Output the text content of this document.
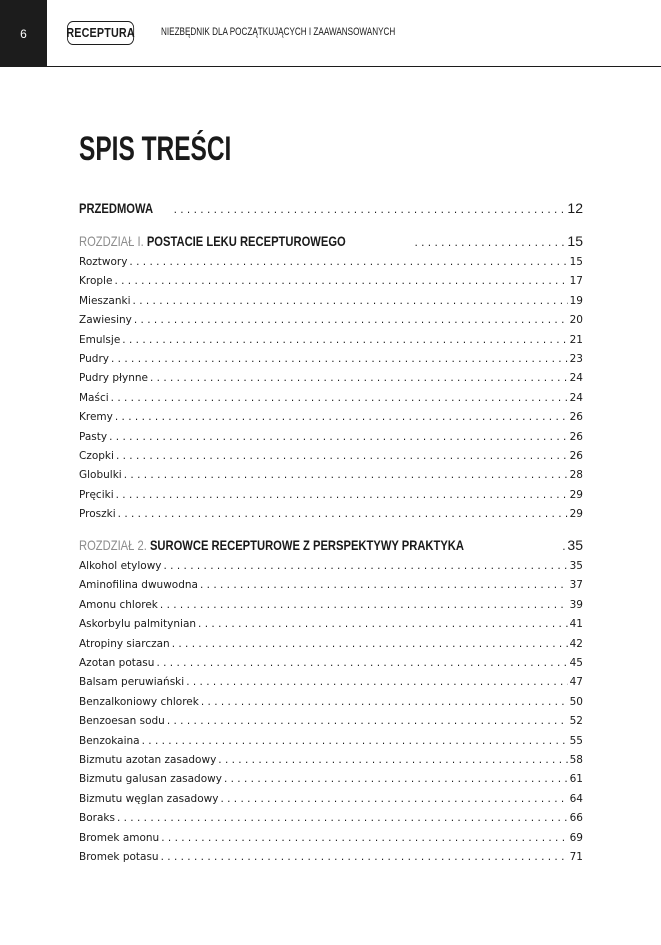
6	RECEPTURA NIEZBĘDNIK DLA POCZĄTKUJĄCYCH I ZAAWANSOWANYCH
SPIS TREŚCI
PRZEDMOWA . . .	12
ROZDZIAŁ I. POSTACIE LEKU RECEPTUROWEGO . . .	15
Roztwory . . .	15
Krople . . .	17
Mieszanki . . .	19
Zawiesiny . . .	20
Emulsje . . .	21
Pudry . . .	23
Pudry płynne . . .	24
Maści . . .	24
Kremy . . .	26
Pasty . . .	26
Czopki . . .	26
Globulki . . .	28
Pręciki . . .	29
Proszki . . .	29
ROZDZIAŁ 2. SUROWCE RECEPTUROWE Z PERSPEKTYWY PRAKTYKA . . .	35
Alkohol etylowy . . .	35
Aminofilina dwuwodna . . .	37
Amonu chlorek . . .	39
Askorbylu palmitynian . . .	41
Atropiny siarczan . . .	42
Azotan potasu . . .	45
Balsam peruwiański . . .	47
Benzalkoniowy chlorek . . .	50
Benzoesan sodu . . .	52
Benzokaina . . .	55
Bizmutu azotan zasadowy . . .	58
Bizmutu galusan zasadowy . . .	61
Bizmutu węglan zasadowy . . .	64
Boraks . . .	66
Bromek amonu . . .	69
Bromek potasu . . .	71
